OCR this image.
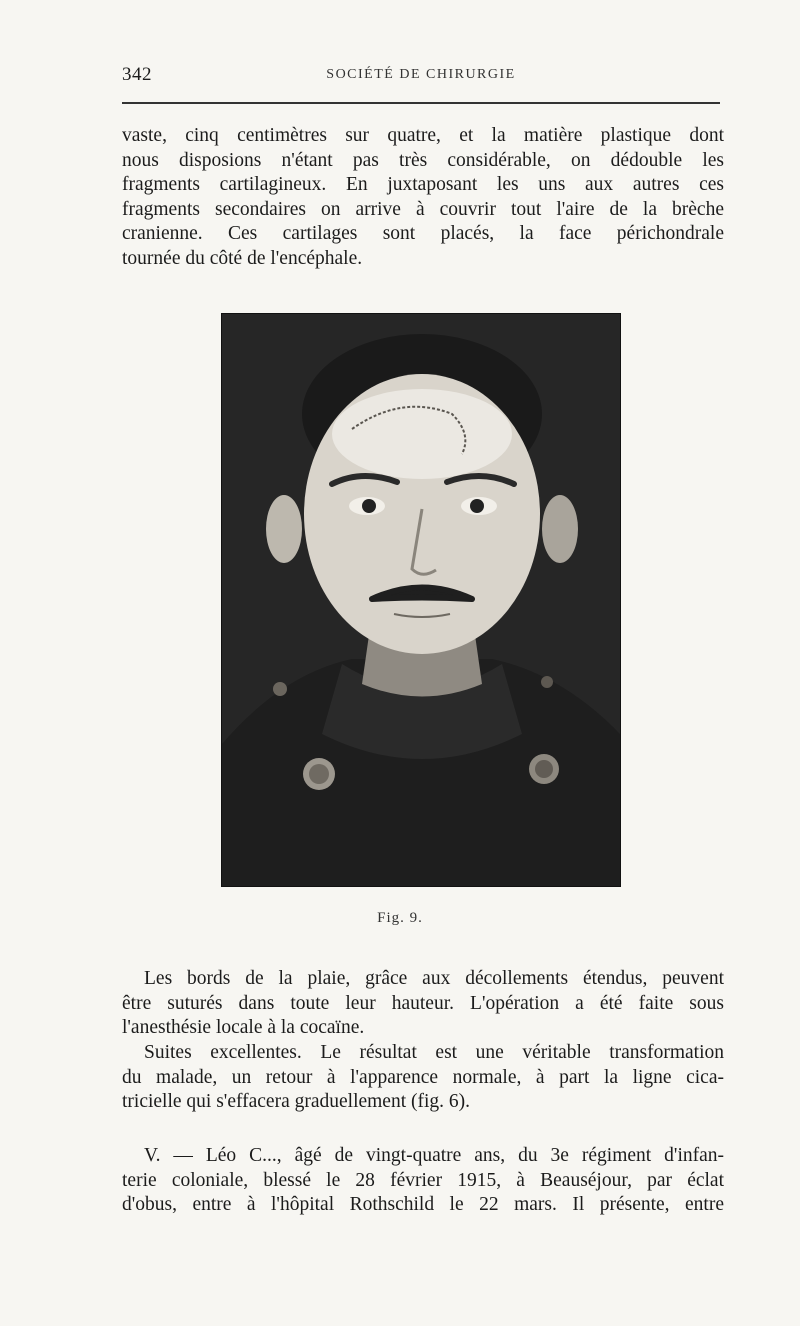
342	SOCIÉTÉ DE CHIRURGIE

vaste, cinq centimètres sur quatre, et la matière plastique dont
nous disposions n'étant pas très considérable, on dédouble les
fragments cartilagineux. En juxtaposant les uns aux autres ces
fragments secondaires on arrive à couvrir tout l'aire de la brèche
cranienne. Ces cartilages sont placés, la face périchondrale
tournée du côté de l'encéphale.

Fig. 9.

Les bords de la plaie, grâce aux décollements étendus, peuvent
être suturés dans toute leur hauteur. L'opération a été faite sous
l'anesthésie locale à la cocaïne.

Suites excellentes. Le résultat est une véritable transformation
du malade, un retour à l'apparence normale, à part la ligne cica-
tricielle qui s'effacera graduellement (fig. 6).

V. — Léo C..., âgé de vingt-quatre ans, du 3e régiment d'infan-
terie coloniale, blessé le 28 février 1915, à Beauséjour, par éclat
d'obus, entre à l'hôpital Rothschild le 22 mars. Il présente, entre
